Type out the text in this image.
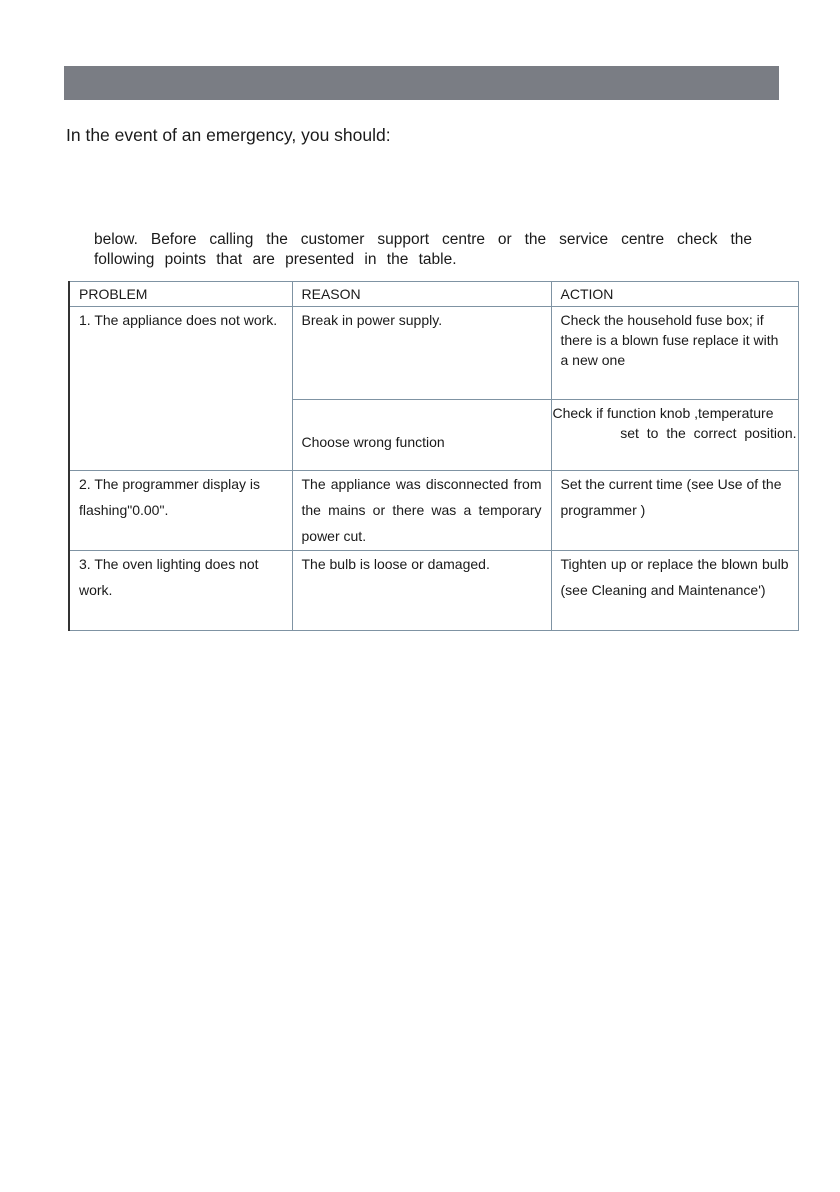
In the event of an emergency, you should:
below. Before calling the customer support centre or the service centre check the
following points that are presented in the table.
PROBLEM	REASON	ACTION
1. The appliance does not work.	Break in power supply.	Check the household fuse box; if there is a blown fuse replace it with a new one
	Choose wrong function	Check if function knob ,temperature
set to the correct position.

2. The programmer display is flashing"0.00".	The appliance was disconnected from the mains or there was a temporary power cut.	Set the current time (see Use of the programmer )
3. The oven lighting does not work.	The bulb is loose or damaged.	Tighten up or replace the blown bulb (see Cleaning and Maintenance')
